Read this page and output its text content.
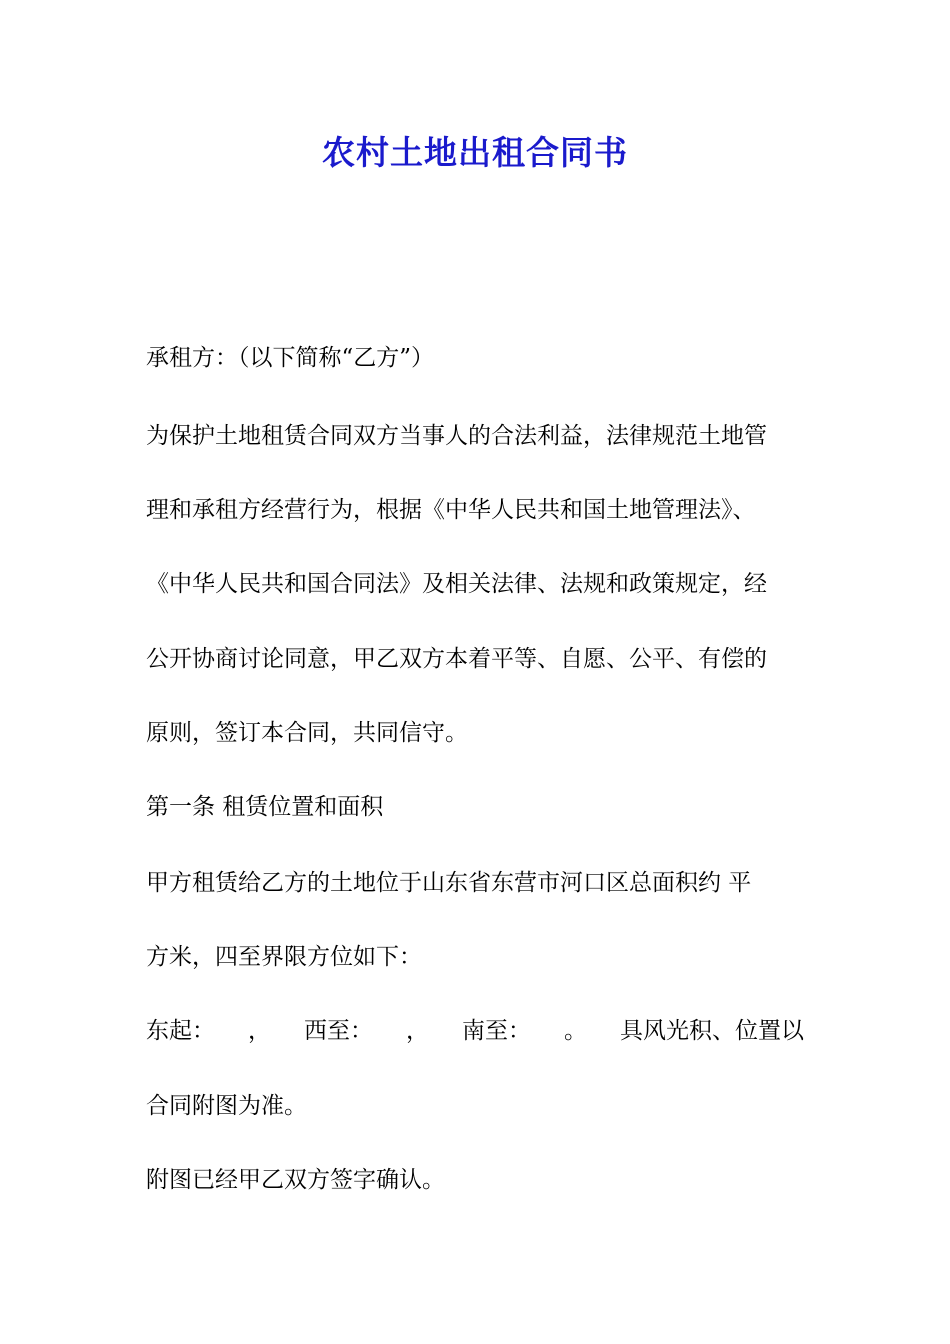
农村土地出租合同书
承租方：（以下简称“乙方”）
为保护土地租赁合同双方当事人的合法利益，法律规范土地管
理和承租方经营行为，根据《中华人民共和国土地管理法》、
《中华人民共和国合同法》及相关法律、法规和政策规定，经
公开协商讨论同意，甲乙双方本着平等、自愿、公平、有偿的
原则，签订本合同，共同信守。
第一条 租赁位置和面积
甲方租赁给乙方的土地位于山东省东营市河口区总面积约 平
方米，四至界限方位如下：
东起： ， 西至： ， 南至： 。 具风光积、位置以
合同附图为准。
附图已经甲乙双方签字确认。
